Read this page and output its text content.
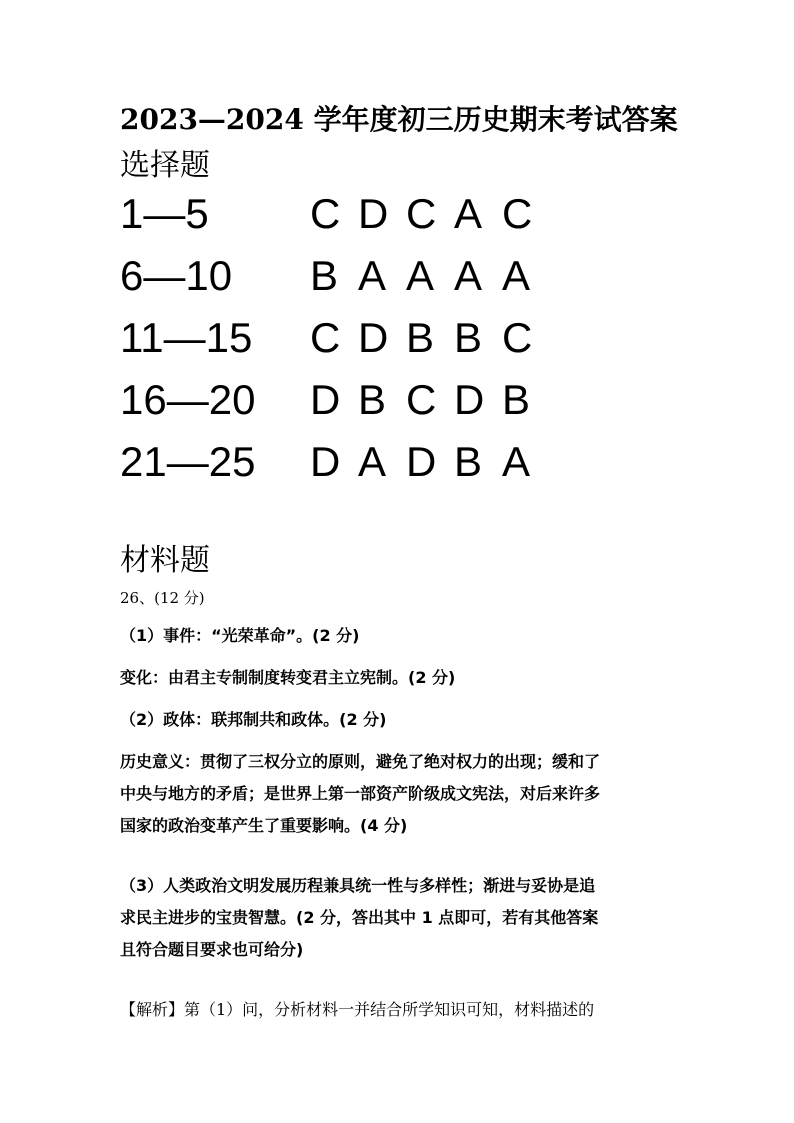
2023—2024 学年度初三历史期末考试答案
选择题
1—5 C D C A C
6—10 B A A A A
11—15 C D B B C
16—20 D B C D B
21—25 D A D B A
材料题
26、(12 分)
（1）事件：“光荣革命”。(2 分)
变化：由君主专制制度转变君主立宪制。(2 分)
（2）政体：联邦制共和政体。(2 分)
历史意义：贯彻了三权分立的原则，避免了绝对权力的出现；缓和了
中央与地方的矛盾；是世界上第一部资产阶级成文宪法，对后来许多
国家的政治变革产生了重要影响。(4 分)
（3）人类政治文明发展历程兼具统一性与多样性；渐进与妥协是追
求民主进步的宝贵智慧。(2 分，答出其中 1 点即可，若有其他答案
且符合题目要求也可给分)
【解析】第（1）问，分析材料一并结合所学知识可知，材料描述的
